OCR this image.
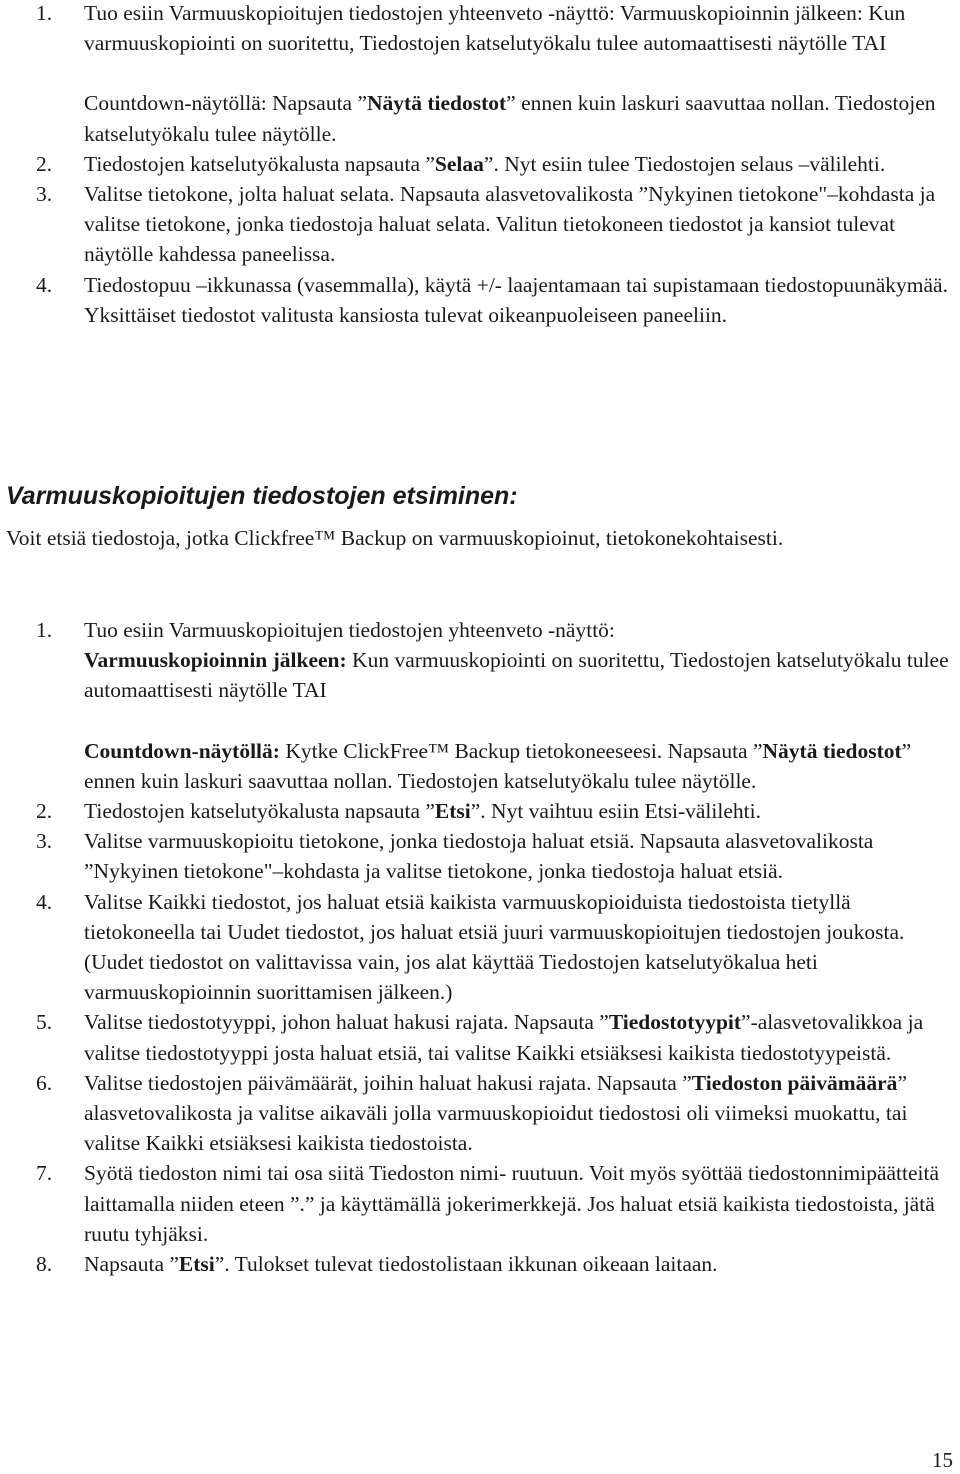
1.	Tuo esiin Varmuuskopioitujen tiedostojen yhteenveto -näyttö: Varmuuskopioinnin jälkeen: Kun varmuuskopiointi on suoritettu, Tiedostojen katselutyökalu tulee automaattisesti näytölle TAI
Countdown-näytöllä: Napsauta ”Näytä tiedostot” ennen kuin laskuri saavuttaa nollan. Tiedostojen katselutyökalu tulee näytölle.
2.	Tiedostojen katselutyökalusta napsauta ”Selaa”. Nyt esiin tulee Tiedostojen selaus –välilehti.
3.	Valitse tietokone, jolta haluat selata. Napsauta alasvetovalikosta ”Nykyinen tietokone"–kohdasta ja valitse tietokone, jonka tiedostoja haluat selata. Valitun tietokoneen tiedostot ja kansiot tulevat näytölle kahdessa paneelissa.
4.	Tiedostopuu –ikkunassa (vasemmalla), käytä +/- laajentamaan tai supistamaan tiedostopuunäkymää. Yksittäiset tiedostot valitusta kansiosta tulevat oikeanpuoleiseen paneeliin.
Varmuuskopioitujen tiedostojen etsiminen:
Voit etsiä tiedostoja, jotka Clickfree™ Backup on varmuuskopioinut, tietokonekohtaisesti.
1.	Tuo esiin Varmuuskopioitujen tiedostojen yhteenveto -näyttö:
Varmuuskopioinnin jälkeen: Kun varmuuskopiointi on suoritettu, Tiedostojen katselutyökalu tulee automaattisesti näytölle TAI
Countdown-näytöllä: Kytke ClickFree™ Backup tietokoneeseesi. Napsauta ”Näytä tiedostot” ennen kuin laskuri saavuttaa nollan. Tiedostojen katselutyökalu tulee näytölle.
2.	Tiedostojen katselutyökalusta napsauta ”Etsi”. Nyt vaihtuu esiin Etsi-välilehti.
3.	Valitse varmuuskopioitu tietokone, jonka tiedostoja haluat etsiä. Napsauta alasvetovalikosta ”Nykyinen tietokone"–kohdasta ja valitse tietokone, jonka tiedostoja haluat etsiä.
4.	Valitse Kaikki tiedostot, jos haluat etsiä kaikista varmuuskopioiduista tiedostoista tietyllä tietokoneella tai Uudet tiedostot, jos haluat etsiä juuri varmuuskopioitujen tiedostojen joukosta. (Uudet tiedostot on valittavissa vain, jos alat käyttää Tiedostojen katselutyökalua heti varmuuskopioinnin suorittamisen jälkeen.)
5.	Valitse tiedostotyyppi, johon haluat hakusi rajata. Napsauta ”Tiedostotyypit”-alasvetovalikkoa ja valitse tiedostotyyppi josta haluat etsiä, tai valitse Kaikki etsiäksesi kaikista tiedostotyypeistä.
6.	Valitse tiedostojen päivämäärät, joihin haluat hakusi rajata. Napsauta ”Tiedoston päivämäärä” alasvetovalikosta ja valitse aikaväli jolla varmuuskopioidut tiedostosi oli viimeksi muokattu, tai valitse Kaikki etsiäksesi kaikista tiedostoista.
7.	Syötä tiedoston nimi tai osa siitä Tiedoston nimi- ruutuun. Voit myös syöttää tiedostonnimipäätteitä laittamalla niiden eteen ”.” ja käyttämällä jokerimerkkejä. Jos haluat etsiä kaikista tiedostoista, jätä ruutu tyhjäksi.
8.	Napsauta ”Etsi”. Tulokset tulevat tiedostolistaan ikkunan oikeaan laitaan.
15
